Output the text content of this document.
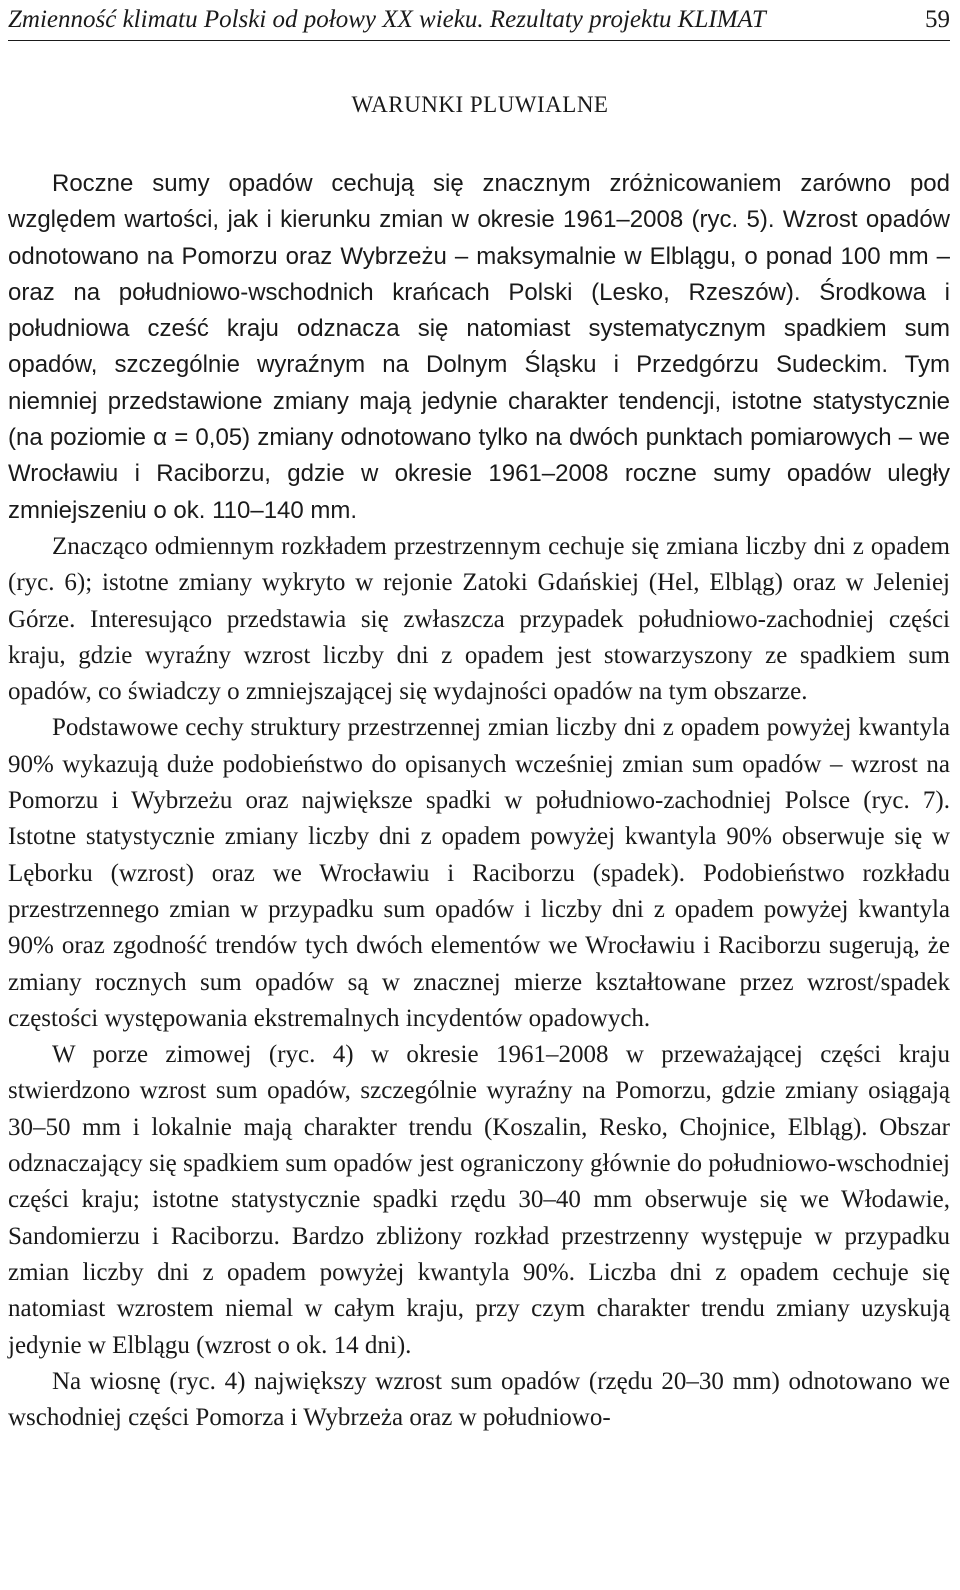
Zmienność klimatu Polski od połowy XX wieku. Rezultaty projektu KLIMAT	59
WARUNKI PLUWIALNE

Roczne sumy opadów cechują się znacznym zróżnicowaniem zarówno pod względem wartości, jak i kierunku zmian w okresie 1961–2008 (ryc. 5). Wzrost opadów odnotowano na Pomorzu oraz Wybrzeżu – maksymalnie w Elblągu, o ponad 100 mm – oraz na południowo-wschodnich krańcach Polski (Lesko, Rzeszów). Środkowa i południowa cześć kraju odznacza się natomiast systematycznym spadkiem sum opadów, szczególnie wyraźnym na Dolnym Śląsku i Przedgórzu Sudeckim. Tym niemniej przedstawione zmiany mają jedynie charakter tendencji, istotne statystycznie (na poziomie α = 0,05) zmiany odnotowano tylko na dwóch punktach pomiarowych – we Wrocławiu i Raciborzu, gdzie w okresie 1961–2008 roczne sumy opadów uległy zmniejszeniu o ok. 110–140 mm.

Znacząco odmiennym rozkładem przestrzennym cechuje się zmiana liczby dni z opadem (ryc. 6); istotne zmiany wykryto w rejonie Zatoki Gdańskiej (Hel, Elbląg) oraz w Jeleniej Górze. Interesująco przedstawia się zwłaszcza przypadek południowo-zachodniej części kraju, gdzie wyraźny wzrost liczby dni z opadem jest stowarzyszony ze spadkiem sum opadów, co świadczy o zmniejszającej się wydajności opadów na tym obszarze.

Podstawowe cechy struktury przestrzennej zmian liczby dni z opadem powyżej kwantyla 90% wykazują duże podobieństwo do opisanych wcześniej zmian sum opadów – wzrost na Pomorzu i Wybrzeżu oraz największe spadki w południowo-zachodniej Polsce (ryc. 7). Istotne statystycznie zmiany liczby dni z opadem powyżej kwantyla 90% obserwuje się w Lęborku (wzrost) oraz we Wrocławiu i Raciborzu (spadek). Podobieństwo rozkładu przestrzennego zmian w przypadku sum opadów i liczby dni z opadem powyżej kwantyla 90% oraz zgodność trendów tych dwóch elementów we Wrocławiu i Raciborzu sugerują, że zmiany rocznych sum opadów są w znacznej mierze kształtowane przez wzrost/spadek częstości występowania ekstremalnych incydentów opadowych.

W porze zimowej (ryc. 4) w okresie 1961–2008 w przeważającej części kraju stwierdzono wzrost sum opadów, szczególnie wyraźny na Pomorzu, gdzie zmiany osiągają 30–50 mm i lokalnie mają charakter trendu (Koszalin, Resko, Chojnice, Elbląg). Obszar odznaczający się spadkiem sum opadów jest ograniczony głównie do południowo-wschodniej części kraju; istotne statystycznie spadki rzędu 30–40 mm obserwuje się we Włodawie, Sandomierzu i Raciborzu. Bardzo zbliżony rozkład przestrzenny występuje w przypadku zmian liczby dni z opadem powyżej kwantyla 90%. Liczba dni z opadem cechuje się natomiast wzrostem niemal w całym kraju, przy czym charakter trendu zmiany uzyskują jedynie w Elblągu (wzrost o ok. 14 dni).

Na wiosnę (ryc. 4) największy wzrost sum opadów (rzędu 20–30 mm) odnotowano we wschodniej części Pomorza i Wybrzeża oraz w południowo-
